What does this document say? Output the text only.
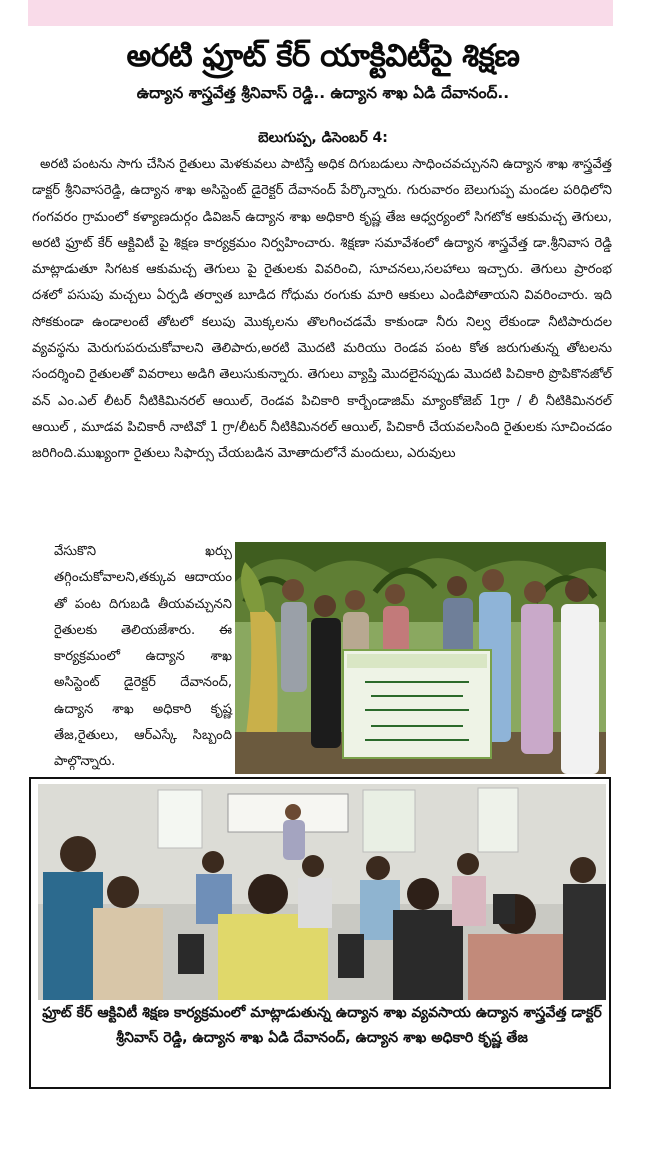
అరటి ఫ్రూట్ కేర్ యాక్టివిటీపై శిక్షణ
ఉద్యాన శాస్త్రవేత్త శ్రీనివాస్ రెడ్డి.. ఉద్యాన శాఖ ఏడి దేవానంద్..
బెలుగుప్ప, డిసెంబర్ 4:
అరటి పంటను సాగు చేసిన రైతులు మెళకువలు పాటిస్తే అధిక దిగుబడులు సాధించవచ్చునని ఉద్యాన శాఖ శాస్త్రవేత్త డాక్టర్ శ్రీనివాసరెడ్డి, ఉద్యాన శాఖ అసిస్టెంట్ డైరెక్టర్ దేవానంద్ పేర్కొన్నారు. గురువారం బెలుగుప్ప మండల పరిధిలోని గంగవరం గ్రామంలో కళ్యాణదుర్గం డివిజన్ ఉద్యాన శాఖ అధికారి కృష్ణ తేజ ఆధ్వర్యంలో సిగటోక ఆకుమచ్చ తెగులు, అరటి ఫ్రూట్ కేర్ ఆక్టివిటీ పై శిక్షణ కార్యక్రమం నిర్వహించారు. శిక్షణా సమావేశంలో ఉద్యాన శాస్త్రవేత్త డా.శ్రీనివాస రెడ్డి మాట్లాడుతూ సిగటక ఆకుమచ్చ తెగులు పై రైతులకు వివరించి, సూచనలు,సలహాలు ఇచ్చారు. తెగులు ప్రారంభ దశలో పసుపు మచ్చలు ఏర్పడి తర్వాత బూడిద గోధుమ రంగుకు మారి ఆకులు ఎండిపోతాయని వివరించారు. ఇది సోకకుండా ఉండాలంటే తోటలో కలుపు మొక్కలను తొలగించడమే కాకుండా నీరు నిల్వ లేకుండా నీటిపారుదల వ్యవస్థను మెరుగుపరుచుకోవాలని తెలిపారు,అరటి మొదటి మరియు రెండవ పంట కోత జరుగుతున్న తోటలను సందర్శించి రైతులతో వివరాలు అడిగి తెలుసుకున్నారు. తెగులు వ్యాప్తి మొదలైనప్పుడు మొదటి పిచికారి ప్రొపికొనజోల్ వన్ ఎం.ఎల్ లీటర్ నీటికిమినరల్ ఆయిల్, రెండవ పిచికారి కార్బేండాజిమ్ మ్యాంకోజెబ్ 1గ్రా / లీ నీటికిమినరల్ ఆయిల్ , మూడవ పిచికారీ నాటివో 1 గ్రా/లీటర్ నీటికిమినరల్ ఆయిల్, పిచికారీ చేయవలసింది రైతులకు సూచించడం జరిగింది.ముఖ్యంగా రైతులు సిఫార్సు చేయబడిన మోతాదులోనే మందులు, ఎరువులు
వేసుకొని ఖర్చు తగ్గించుకోవాలని,తక్కువ ఆదాయం తో పంట దిగుబడి తీయవచ్చునని రైతులకు తెలియజేశారు. ఈ కార్యక్రమంలో ఉద్యాన శాఖ అసిస్టెంట్ డైరెక్టర్ దేవానంద్, ఉద్యాన శాఖ అధికారి కృష్ణ తేజ,రైతులు, ఆర్ఎస్కే సిబ్బంది పాల్గొన్నారు.
ఫ్రూట్ కేర్ ఆక్టివిటీ శిక్షణ కార్యక్రమంలో మాట్లాడుతున్న ఉద్యాన శాఖ వ్యవసాయ ఉద్యాన శాస్త్రవేత్త డాక్టర్ శ్రీనివాస్ రెడ్డి, ఉద్యాన శాఖ ఏడి దేవానంద్, ఉద్యాన శాఖ అధికారి కృష్ణ తేజ
